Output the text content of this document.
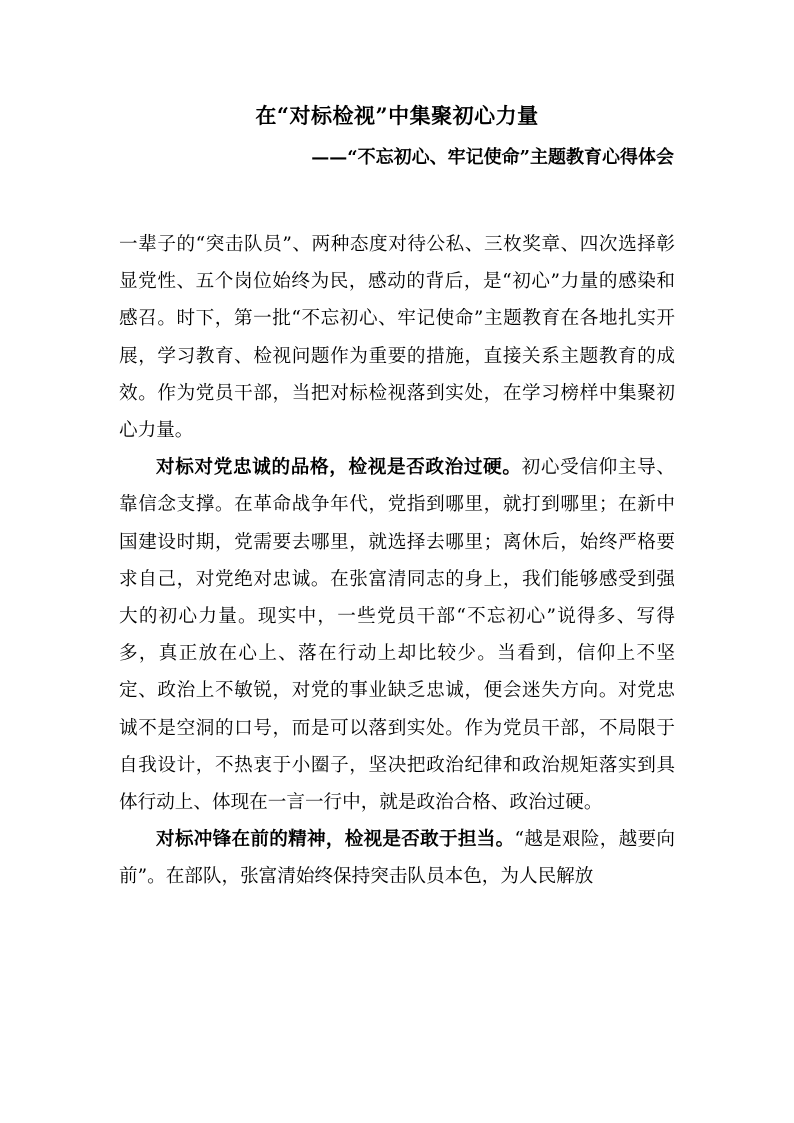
在“对标检视”中集聚初心力量
——“不忘初心、牢记使命”主题教育心得体会

一辈子的“突击队员”、两种态度对待公私、三枚奖章、四次选择彰显党性、五个岗位始终为民，感动的背后，是“初心”力量的感染和感召。时下，第一批“不忘初心、牢记使命”主题教育在各地扎实开展，学习教育、检视问题作为重要的措施，直接关系主题教育的成效。作为党员干部，当把对标检视落到实处，在学习榜样中集聚初心力量。

对标对党忠诚的品格，检视是否政治过硬。初心受信仰主导、靠信念支撑。在革命战争年代，党指到哪里，就打到哪里；在新中国建设时期，党需要去哪里，就选择去哪里；离休后，始终严格要求自己，对党绝对忠诚。在张富清同志的身上，我们能够感受到强大的初心力量。现实中，一些党员干部“不忘初心”说得多、写得多，真正放在心上、落在行动上却比较少。当看到，信仰上不坚定、政治上不敏锐，对党的事业缺乏忠诚，便会迷失方向。对党忠诚不是空洞的口号，而是可以落到实处。作为党员干部，不局限于自我设计，不热衷于小圈子，坚决把政治纪律和政治规矩落实到具体行动上、体现在一言一行中，就是政治合格、政治过硬。

对标冲锋在前的精神，检视是否敢于担当。“越是艰险，越要向前”。在部队，张富清始终保持突击队员本色，为人民解放
